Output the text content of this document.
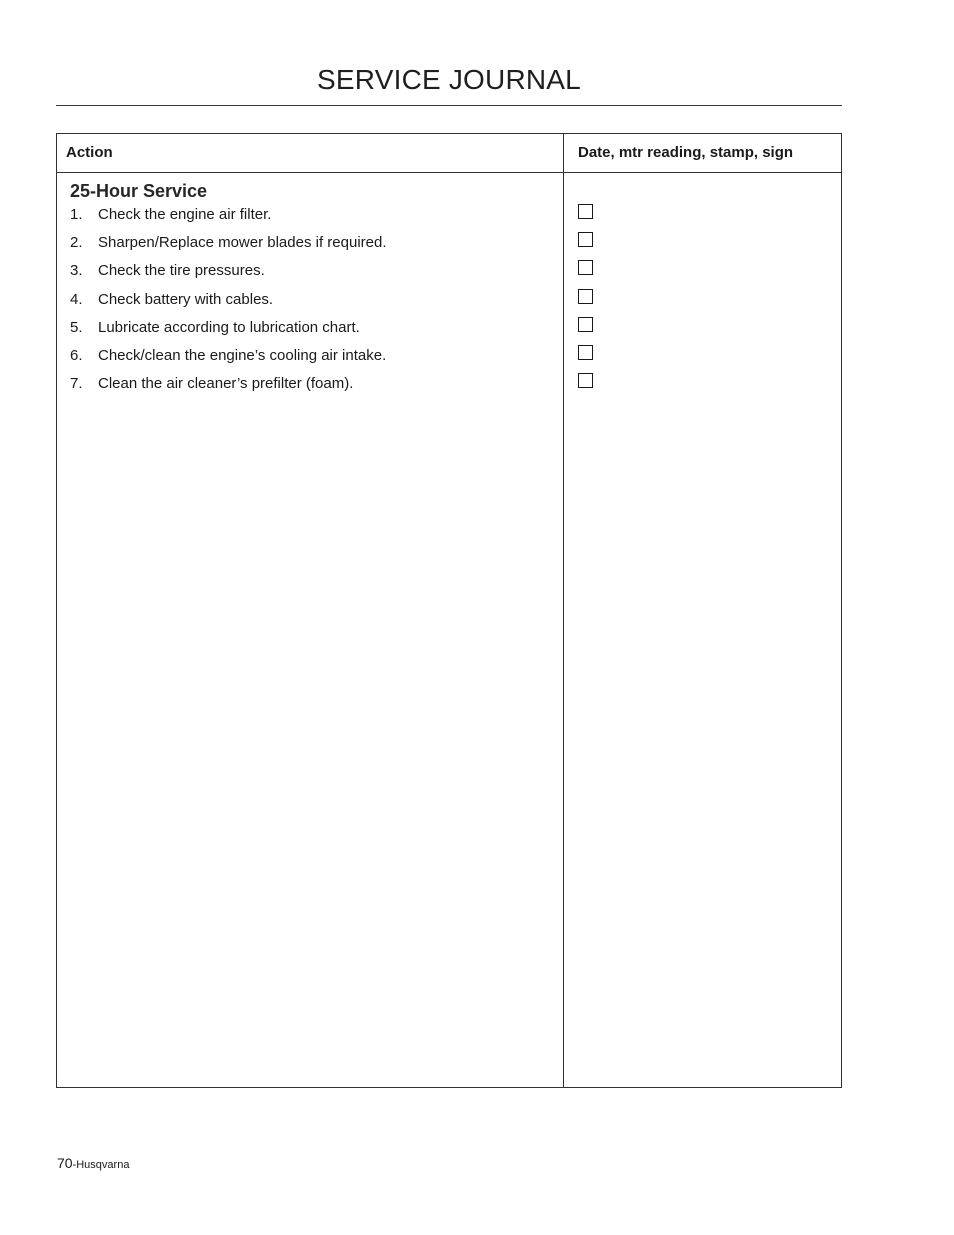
SERVICE JOURNAL
Action	Date, mtr reading, stamp, sign
25-Hour Service
1. Check the engine air filter.
2. Sharpen/Replace mower blades if required.
3. Check the tire pressures.
4. Check battery with cables.
5. Lubricate according to lubrication chart.
6. Check/clean the engine’s cooling air intake.
7. Clean the air cleaner’s prefilter (foam).
70-Husqvarna
